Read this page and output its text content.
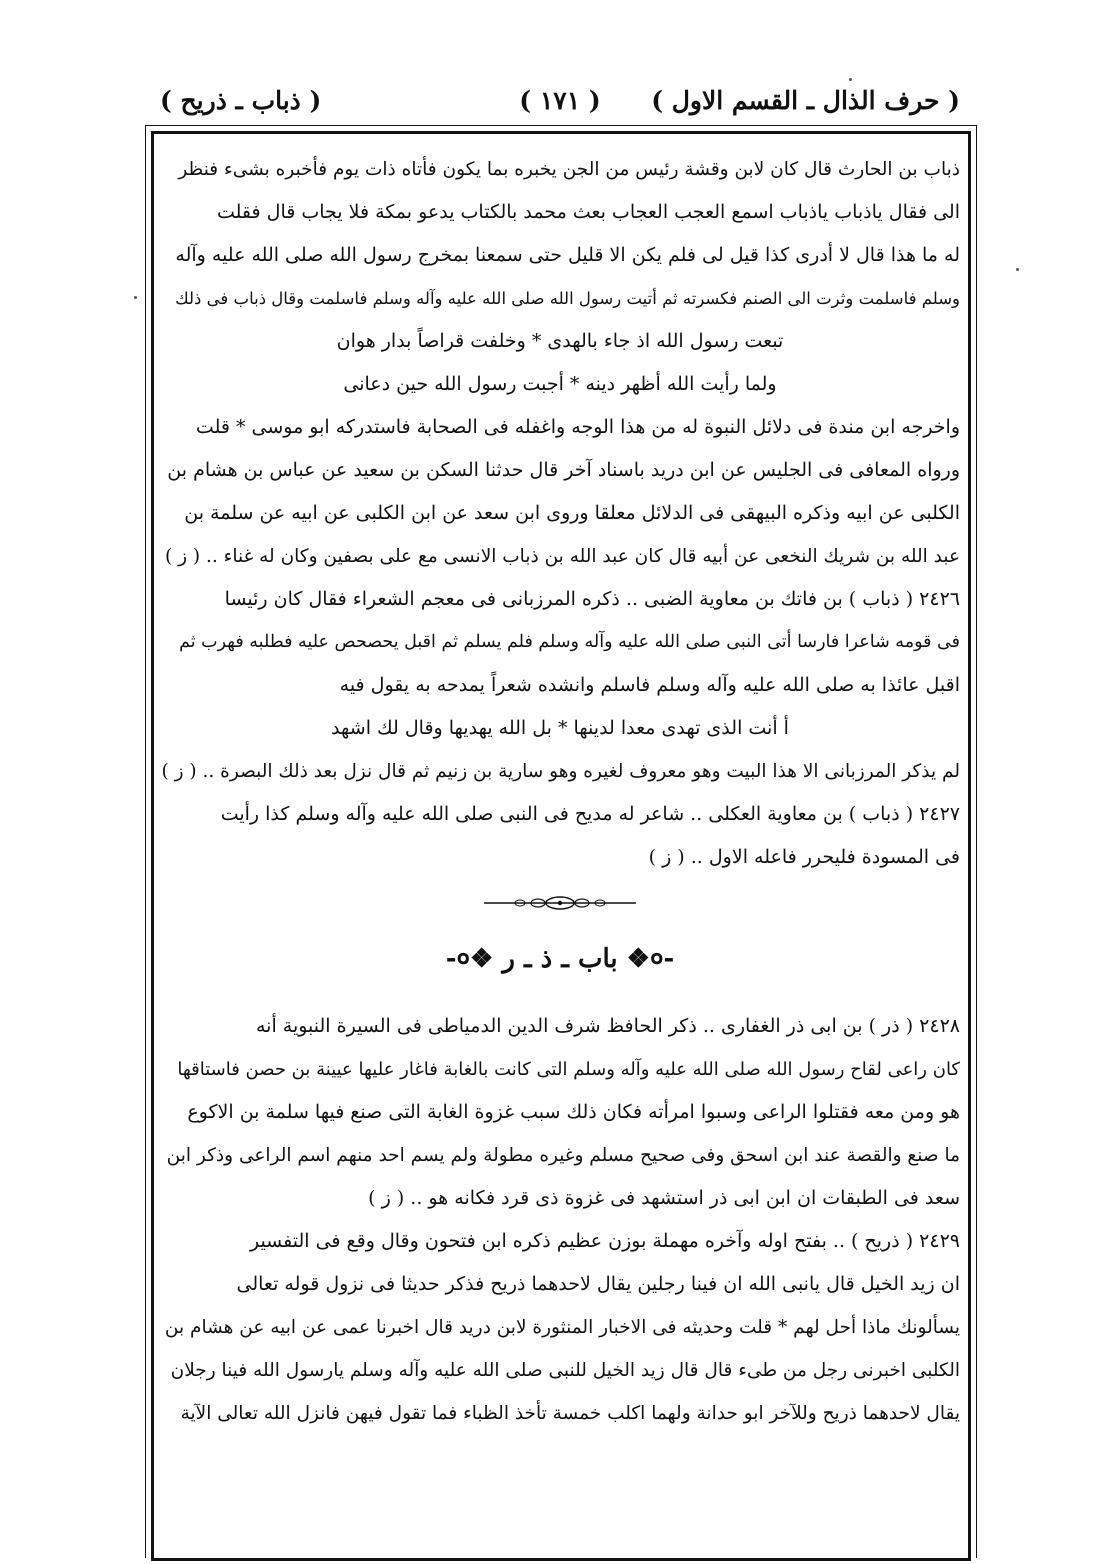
( حرف الذال ـ القسم الاول )
( ١٧١ )
( ذباب ـ ذريح )
ذباب بن الحارث قال كان لابن وقشة رئيس من الجن يخبره بما يكون فأتاه ذات يوم فأخبره بشىء فنظر
الى فقال ياذباب ياذباب اسمع العجب العجاب بعث محمد بالكتاب يدعو بمكة فلا يجاب قال فقلت
له ما هذا قال لا أدرى كذا قيل لى فلم يكن الا قليل حتى سمعنا بمخرج رسول الله صلى الله عليه وآله
وسلم فاسلمت وثرت الى الصنم فكسرته ثم أتيت رسول الله صلى الله عليه وآله وسلم فاسلمت وقال ذباب فى ذلك
تبعت رسول الله اذ جاء بالهدى * وخلفت قراصاً بدار هوان
ولما رأيت الله أظهر دينه * أجبت رسول الله حين دعانى
واخرجه ابن مندة فى دلائل النبوة له من هذا الوجه واغفله فى الصحابة فاستدركه ابو موسى * قلت
ورواه المعافى فى الجليس عن ابن دريد باسناد آخر قال حدثنا السكن بن سعيد عن عباس بن هشام بن
الكلبى عن ابيه وذكره البيهقى فى الدلائل معلقا وروى ابن سعد عن ابن الكلبى عن ابيه عن سلمة بن
عبد الله بن شريك النخعى عن أبيه قال كان عبد الله بن ذباب الانسى مع على بصفين وكان له غناء .. ( ز )
٢٤٢٦ ( ذباب ) بن فاتك بن معاوية الضبى .. ذكره المرزبانى فى معجم الشعراء فقال كان رئيسا
فى قومه شاعرا فارسا أتى النبى صلى الله عليه وآله وسلم فلم يسلم ثم اقبل يحصحص عليه فطلبه فهرب ثم
اقبل عائذا به صلى الله عليه وآله وسلم فاسلم وانشده شعراً يمدحه به يقول فيه
أ أنت الذى تهدى معدا لدينها * بل الله يهديها وقال لك اشهد
لم يذكر المرزبانى الا هذا البيت وهو معروف لغيره وهو سارية بن زنيم ثم قال نزل بعد ذلك البصرة .. ( ز )
٢٤٢٧ ( ذباب ) بن معاوية العكلى .. شاعر له مديح فى النبى صلى الله عليه وآله وسلم كذا رأيت
فى المسودة فليحرر فاعله الاول .. ( ز )
-०❖ باب ـ ذ ـ ر ❖०-
٢٤٢٨ ( ذر ) بن ابى ذر الغفارى .. ذكر الحافظ شرف الدين الدمياطى فى السيرة النبوية أنه
كان راعى لقاح رسول الله صلى الله عليه وآله وسلم التى كانت بالغابة فاغار عليها عيينة بن حصن فاستاقها
هو ومن معه فقتلوا الراعى وسبوا امرأته فكان ذلك سبب غزوة الغابة التى صنع فيها سلمة بن الاكوع
ما صنع والقصة عند ابن اسحق وفى صحيح مسلم وغيره مطولة ولم يسم احد منهم اسم الراعى وذكر ابن
سعد فى الطبقات ان ابن ابى ذر استشهد فى غزوة ذى قرد فكانه هو .. ( ز )
٢٤٢٩ ( ذريح ) .. بفتح اوله وآخره مهملة بوزن عظيم ذكره ابن فتحون وقال وقع فى التفسير
ان زيد الخيل قال يانبى الله ان فينا رجلين يقال لاحدهما ذريح فذكر حديثا فى نزول قوله تعالى
يسألونك ماذا أحل لهم * قلت وحديثه فى الاخبار المنثورة لابن دريد قال اخبرنا عمى عن ابيه عن هشام بن
الكلبى اخبرنى رجل من طىء قال قال زيد الخيل للنبى صلى الله عليه وآله وسلم يارسول الله فينا رجلان
يقال لاحدهما ذريح وللآخر ابو حدانة ولهما اكلب خمسة تأخذ الظباء فما تقول فيهن فانزل الله تعالى الآية
